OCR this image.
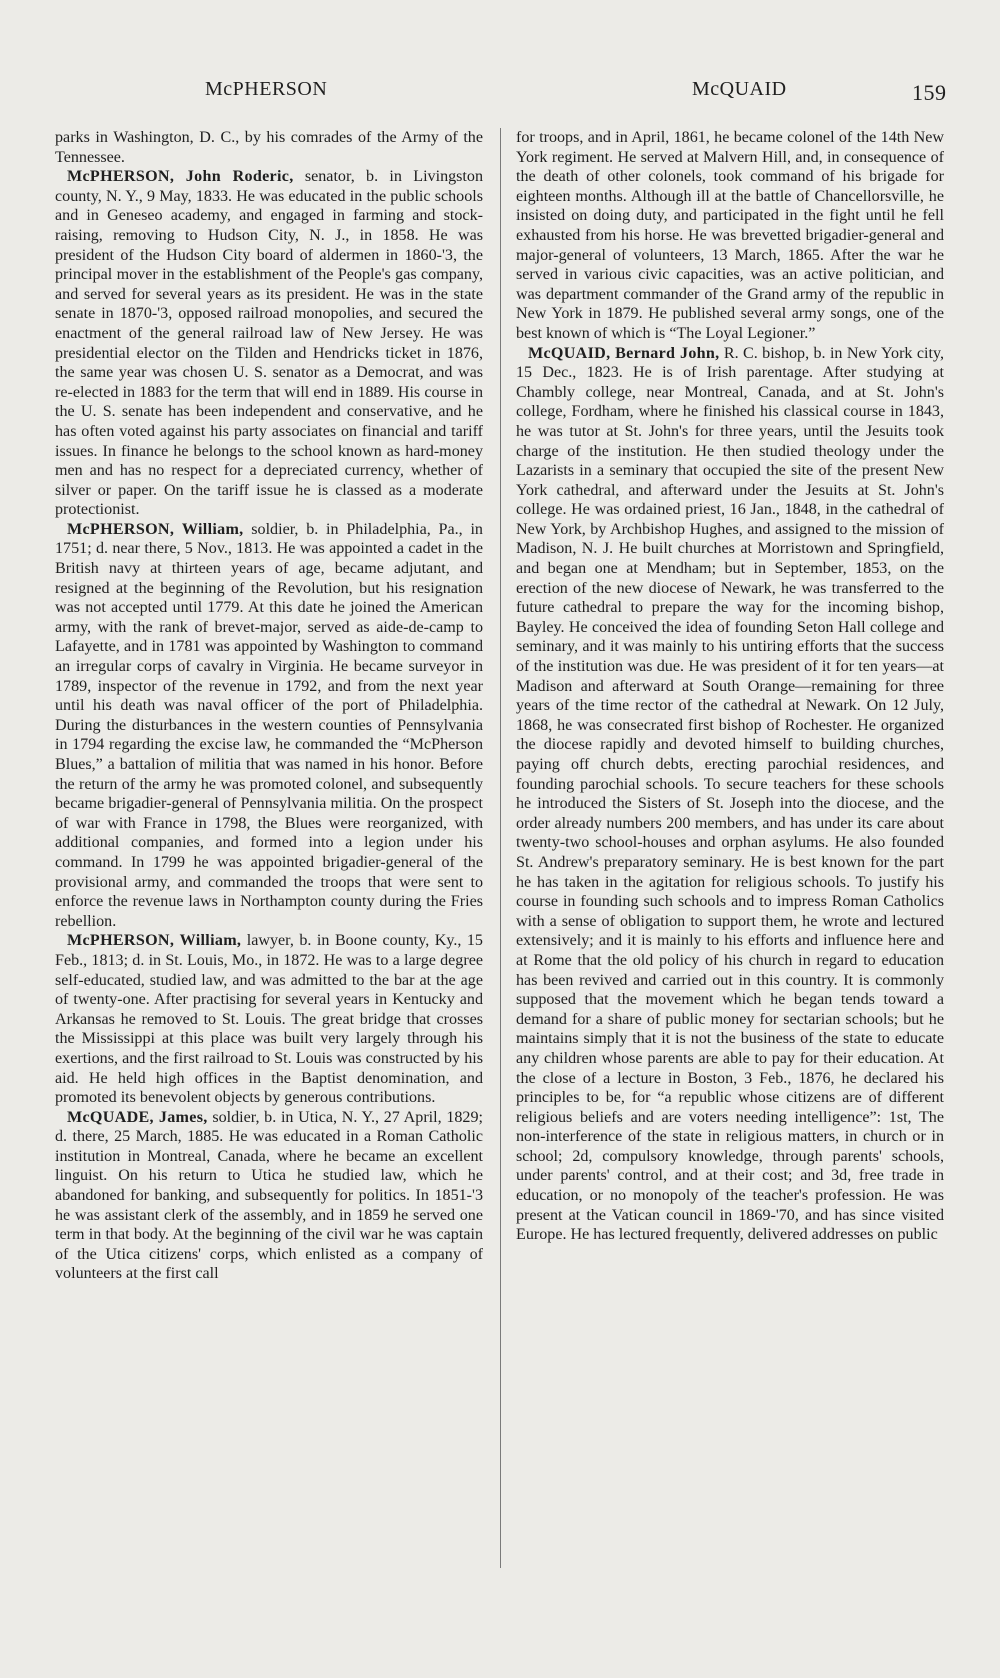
McPHERSON	McQUAID	159

parks in Washington, D. C., by his comrades of the Army of the Tennessee.

McPHERSON, John Roderic, senator, b. in Livingston county, N. Y., 9 May, 1833. He was educated in the public schools and in Geneseo academy, and engaged in farming and stock-raising, removing to Hudson City, N. J., in 1858. He was president of the Hudson City board of aldermen in 1860-'3, the principal mover in the establishment of the People's gas company, and served for several years as its president. He was in the state senate in 1870-'3, opposed railroad monopolies, and secured the enactment of the general railroad law of New Jersey. He was presidential elector on the Tilden and Hendricks ticket in 1876, the same year was chosen U. S. senator as a Democrat, and was re-elected in 1883 for the term that will end in 1889. His course in the U. S. senate has been independent and conservative, and he has often voted against his party associates on financial and tariff issues. In finance he belongs to the school known as hard-money men and has no respect for a depreciated currency, whether of silver or paper. On the tariff issue he is classed as a moderate protectionist.

McPHERSON, William, soldier, b. in Philadelphia, Pa., in 1751; d. near there, 5 Nov., 1813. He was appointed a cadet in the British navy at thirteen years of age, became adjutant, and resigned at the beginning of the Revolution, but his resignation was not accepted until 1779. At this date he joined the American army, with the rank of brevet-major, served as aide-de-camp to Lafayette, and in 1781 was appointed by Washington to command an irregular corps of cavalry in Virginia. He became surveyor in 1789, inspector of the revenue in 1792, and from the next year until his death was naval officer of the port of Philadelphia. During the disturbances in the western counties of Pennsylvania in 1794 regarding the excise law, he commanded the “McPherson Blues,” a battalion of militia that was named in his honor. Before the return of the army he was promoted colonel, and subsequently became brigadier-general of Pennsylvania militia. On the prospect of war with France in 1798, the Blues were reorganized, with additional companies, and formed into a legion under his command. In 1799 he was appointed brigadier-general of the provisional army, and commanded the troops that were sent to enforce the revenue laws in Northampton county during the Fries rebellion.

McPHERSON, William, lawyer, b. in Boone county, Ky., 15 Feb., 1813; d. in St. Louis, Mo., in 1872. He was to a large degree self-educated, studied law, and was admitted to the bar at the age of twenty-one. After practising for several years in Kentucky and Arkansas he removed to St. Louis. The great bridge that crosses the Mississippi at this place was built very largely through his exertions, and the first railroad to St. Louis was constructed by his aid. He held high offices in the Baptist denomination, and promoted its benevolent objects by generous contributions.

McQUADE, James, soldier, b. in Utica, N. Y., 27 April, 1829; d. there, 25 March, 1885. He was educated in a Roman Catholic institution in Montreal, Canada, where he became an excellent linguist. On his return to Utica he studied law, which he abandoned for banking, and subsequently for politics. In 1851-'3 he was assistant clerk of the assembly, and in 1859 he served one term in that body. At the beginning of the civil war he was captain of the Utica citizens' corps, which enlisted as a company of volunteers at the first call

for troops, and in April, 1861, he became colonel of the 14th New York regiment. He served at Malvern Hill, and, in consequence of the death of other colonels, took command of his brigade for eighteen months. Although ill at the battle of Chancellorsville, he insisted on doing duty, and participated in the fight until he fell exhausted from his horse. He was brevetted brigadier-general and major-general of volunteers, 13 March, 1865. After the war he served in various civic capacities, was an active politician, and was department commander of the Grand army of the republic in New York in 1879. He published several army songs, one of the best known of which is “The Loyal Legioner.”

McQUAID, Bernard John, R. C. bishop, b. in New York city, 15 Dec., 1823. He is of Irish parentage. After studying at Chambly college, near Montreal, Canada, and at St. John's college, Fordham, where he finished his classical course in 1843, he was tutor at St. John's for three years, until the Jesuits took charge of the institution. He then studied theology under the Lazarists in a seminary that occupied the site of the present New York cathedral, and afterward under the Jesuits at St. John's college. He was ordained priest, 16 Jan., 1848, in the cathedral of New York, by Archbishop Hughes, and assigned to the mission of Madison, N. J. He built churches at Morristown and Springfield, and began one at Mendham; but in September, 1853, on the erection of the new diocese of Newark, he was transferred to the future cathedral to prepare the way for the incoming bishop, Bayley. He conceived the idea of founding Seton Hall college and seminary, and it was mainly to his untiring efforts that the success of the institution was due. He was president of it for ten years—at Madison and afterward at South Orange—remaining for three years of the time rector of the cathedral at Newark. On 12 July, 1868, he was consecrated first bishop of Rochester. He organized the diocese rapidly and devoted himself to building churches, paying off church debts, erecting parochial residences, and founding parochial schools. To secure teachers for these schools he introduced the Sisters of St. Joseph into the diocese, and the order already numbers 200 members, and has under its care about twenty-two school-houses and orphan asylums. He also founded St. Andrew's preparatory seminary. He is best known for the part he has taken in the agitation for religious schools. To justify his course in founding such schools and to impress Roman Catholics with a sense of obligation to support them, he wrote and lectured extensively; and it is mainly to his efforts and influence here and at Rome that the old policy of his church in regard to education has been revived and carried out in this country. It is commonly supposed that the movement which he began tends toward a demand for a share of public money for sectarian schools; but he maintains simply that it is not the business of the state to educate any children whose parents are able to pay for their education. At the close of a lecture in Boston, 3 Feb., 1876, he declared his principles to be, for “a republic whose citizens are of different religious beliefs and are voters needing intelligence”: 1st, The non-interference of the state in religious matters, in church or in school; 2d, compulsory knowledge, through parents' schools, under parents' control, and at their cost; and 3d, free trade in education, or no monopoly of the teacher's profession. He was present at the Vatican council in 1869-'70, and has since visited Europe. He has lectured frequently, delivered addresses on public
